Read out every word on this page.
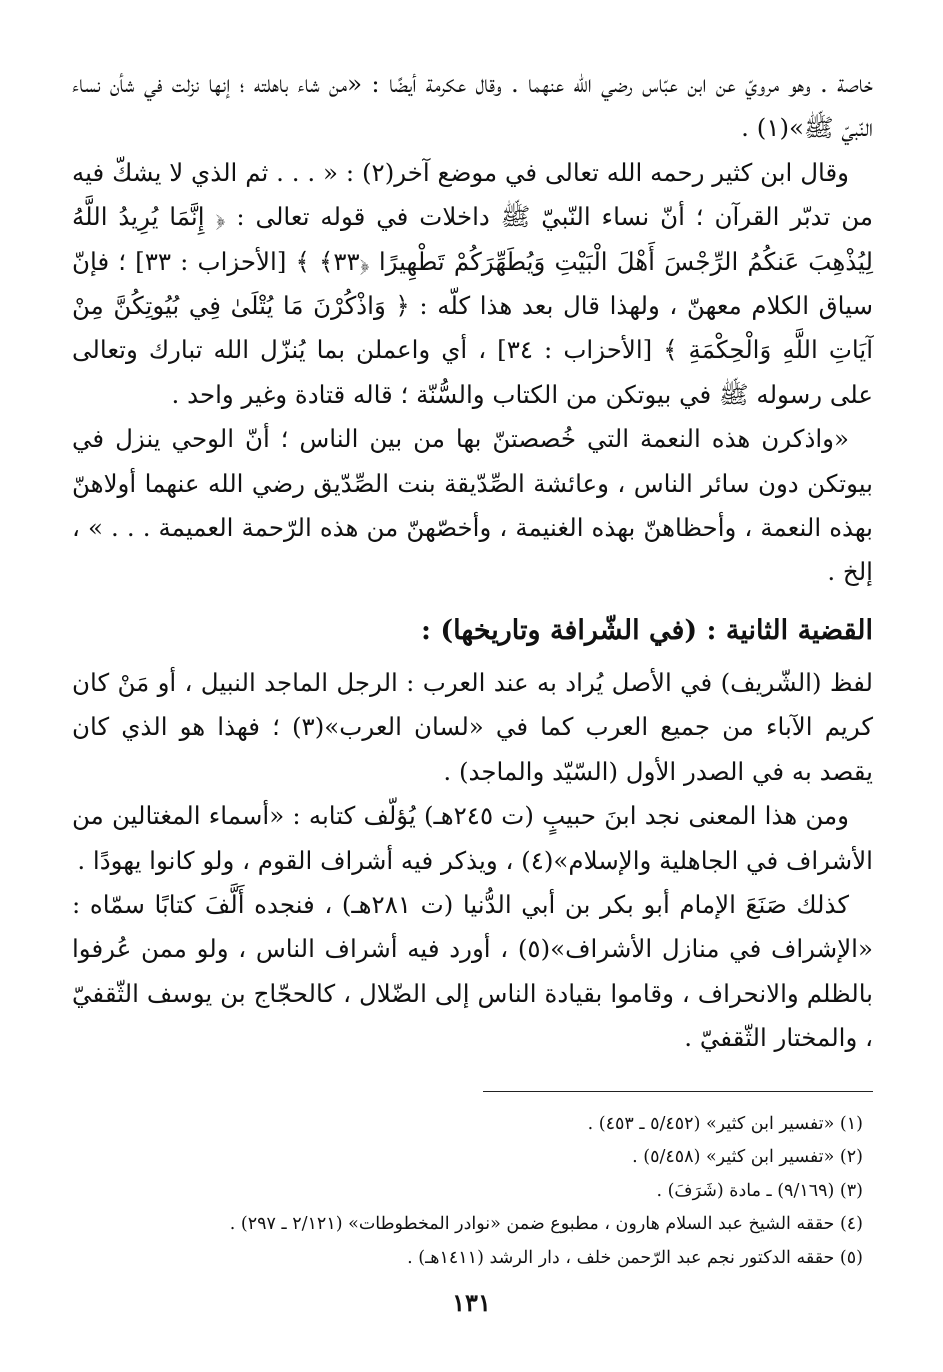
خاصة . وهو مرويّ عن ابن عبّاس رضي الله عنهما . وقال عكرمة أيضًا : «من شاء باهلته ؛ إنها نزلت في شأن نساء النّبيّ ﷺ»(١) .

وقال ابن كثير رحمه الله تعالى في موضع آخر(٢) : « . . . ثم الذي لا يشكّ فيه من تدبّر القرآن ؛ أنّ نساء النّبيّ ﷺ داخلات في قوله تعالى : ﴿ إِنَّمَا يُرِيدُ اللَّهُ لِيُذْهِبَ عَنكُمُ الرِّجْسَ أَهْلَ الْبَيْتِ وَيُطَهِّرَكُمْ تَطْهِيرًا ﴿٣٣﴾ ﴾ [الأحزاب : ٣٣] ؛ فإنّ سياق الكلام معهنّ ، ولهذا قال بعد هذا كلّه : ﴿ وَاذْكُرْنَ مَا يُتْلَىٰ فِي بُيُوتِكُنَّ مِنْ آيَاتِ اللَّهِ وَالْحِكْمَةِ ﴾ [الأحزاب : ٣٤] ، أي واعملن بما يُنزّل الله تبارك وتعالى على رسوله ﷺ في بيوتكن من الكتاب والسُّنّة ؛ قاله قتادة وغير واحد .

«واذكرن هذه النعمة التي خُصصتنّ بها من بين الناس ؛ أنّ الوحي ينزل في بيوتكن دون سائر الناس ، وعائشة الصِّدّيقة بنت الصِّدّيق رضي الله عنهما أولاهنّ بهذه النعمة ، وأحظاهنّ بهذه الغنيمة ، وأخصّهنّ من هذه الرّحمة العميمة . . . » ، إلخ .

القضية الثانية : (في الشّرافة وتاريخها) :

لفظ (الشّريف) في الأصل يُراد به عند العرب : الرجل الماجد النبيل ، أو مَنْ كان كريم الآباء من جميع العرب كما في «لسان العرب»(٣) ؛ فهذا هو الذي كان يقصد به في الصدر الأول (السّيّد والماجد) .

ومن هذا المعنى نجد ابنَ حبيبٍ (ت ٢٤٥هـ) يُؤلّف كتابه : «أسماء المغتالين من الأشراف في الجاهلية والإسلام»(٤) ، ويذكر فيه أشراف القوم ، ولو كانوا يهودًا .

كذلك صَنَعَ الإمام أبو بكر بن أبي الدُّنيا (ت ٢٨١هـ) ، فنجده أَلَّفَ كتابًا سمّاه : «الإشراف في منازل الأشراف»(٥) ، أورد فيه أشراف الناس ، ولو ممن عُرفوا بالظلم والانحراف ، وقاموا بقيادة الناس إلى الضّلال ، كالحجّاج بن يوسف الثّقفيّ ، والمختار الثّقفيّ .

(١) «تفسير ابن كثير» (٥/٤٥٢ ـ ٤٥٣) .

(٢) «تفسير ابن كثير» (٥/٤٥٨) .

(٣) (٩/١٦٩) ـ مادة (شَرَفَ) .

(٤) حققه الشيخ عبد السلام هارون ، مطبوع ضمن «نوادر المخطوطات» (٢/١٢١ ـ ٢٩٧) .

(٥) حققه الدكتور نجم عبد الرّحمن خلف ، دار الرشد (١٤١١هـ) .

١٣١
